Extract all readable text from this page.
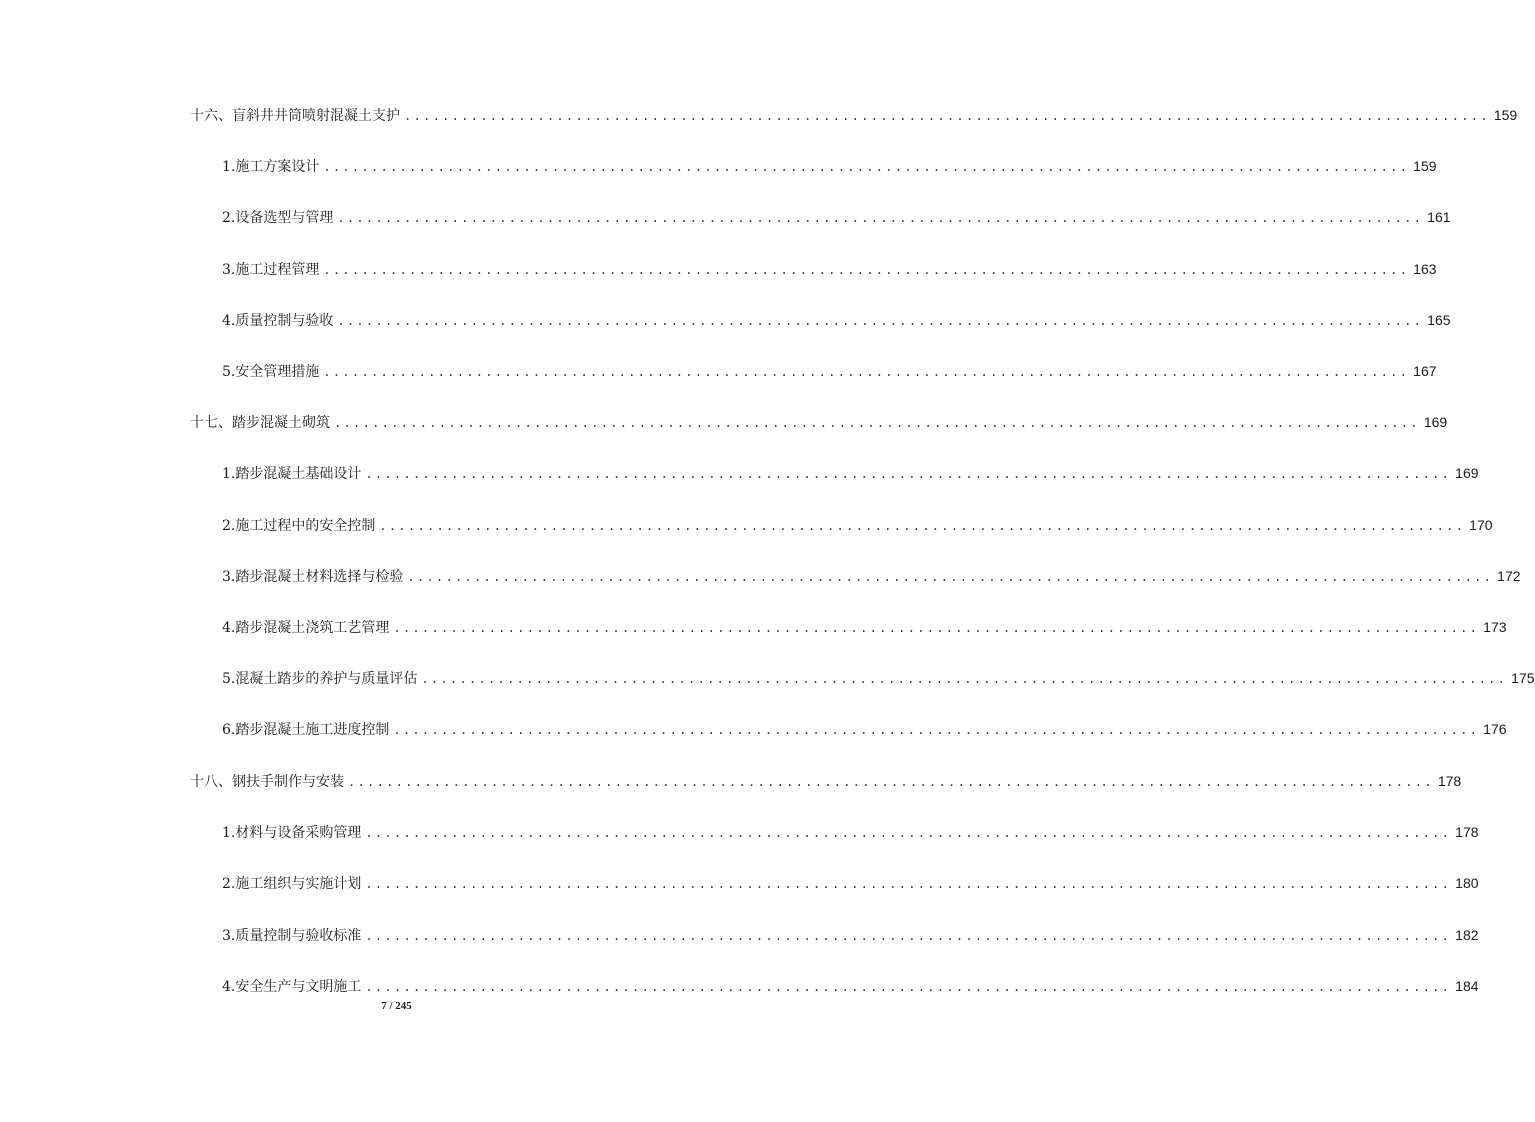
十六、盲斜井井筒喷射混凝土支护 .................................................................................................................. 159
1.施工方案设计 .................................................................................................................. 159
2.设备选型与管理 .................................................................................................................. 161
3.施工过程管理 .................................................................................................................. 163
4.质量控制与验收 .................................................................................................................. 165
5.安全管理措施 .................................................................................................................. 167
十七、踏步混凝土砌筑 .................................................................................................................. 169
1.踏步混凝土基础设计 .................................................................................................................. 169
2.施工过程中的安全控制 .................................................................................................................. 170
3.踏步混凝土材料选择与检验 .................................................................................................................. 172
4.踏步混凝土浇筑工艺管理 .................................................................................................................. 173
5.混凝土踏步的养护与质量评估 .................................................................................................................. 175
6.踏步混凝土施工进度控制 .................................................................................................................. 176
十八、钢扶手制作与安装 .................................................................................................................. 178
1.材料与设备采购管理 .................................................................................................................. 178
2.施工组织与实施计划 .................................................................................................................. 180
3.质量控制与验收标准 .................................................................................................................. 182
4.安全生产与文明施工 .................................................................................................................. 184
7 / 245
